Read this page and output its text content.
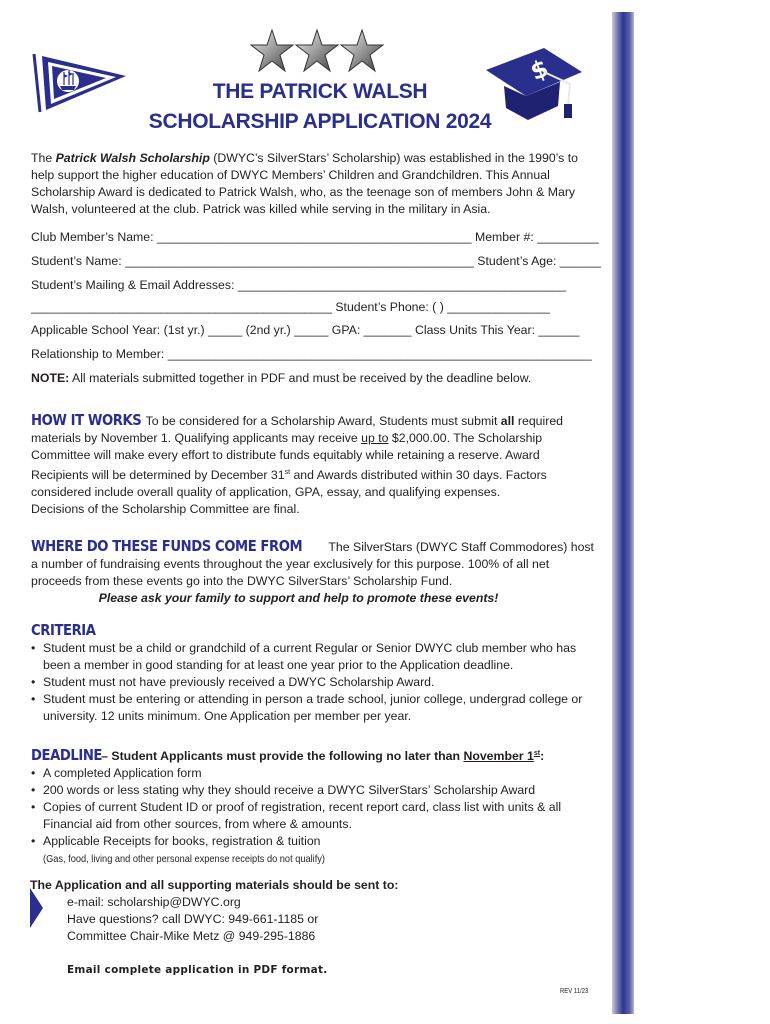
$
THE PATRICK WALSH
SCHOLARSHIP APPLICATION 2024

The Patrick Walsh Scholarship (DWYC’s SilverStars’ Scholarship) was established in the 1990’s to help support the higher education of DWYC Members’ Children and Grandchildren. This Annual Scholarship Award is dedicated to Patrick Walsh, who, as the teenage son of members John & Mary Walsh, volunteered at the club. Patrick was killed while serving in the military in Asia.

Club Member’s Name: ______________________________________________ Member #: _________
Student’s Name: ___________________________________________________ Student’s Age: ______
Student’s Mailing & Email Addresses: ________________________________________________
____________________________________________ Student’s Phone: ( ) _______________
Applicable School Year: (1st yr.) _____ (2nd yr.) _____ GPA: _______ Class Units This Year: ______
Relationship to Member: ______________________________________________________________

NOTE: All materials submitted together in PDF and must be received by the deadline below.

HOW IT WORKS To be considered for a Scholarship Award, Students must submit all required materials by November 1. Qualifying applicants may receive up to $2,000.00. The Scholarship Committee will make every effort to distribute funds equitably while retaining a reserve. Award Recipients will be determined by December 31st and Awards distributed within 30 days. Factors considered include overall quality of application, GPA, essay, and qualifying expenses.
Decisions of the Scholarship Committee are final.
WHERE DO THESE FUNDS COME FROM The SilverStars (DWYC Staff Commodores) host a number of fundraising events throughout the year exclusively for this purpose. 100% of all net proceeds from these events go into the DWYC SilverStars’ Scholarship Fund.
Please ask your family to support and help to promote these events!
CRITERIA
• Student must be a child or grandchild of a current Regular or Senior DWYC club member who has been a member in good standing for at least one year prior to the Application deadline.
• Student must not have previously received a DWYC Scholarship Award.
• Student must be entering or attending in person a trade school, junior college, undergrad college or university. 12 units minimum. One Application per member per year.
DEADLINE – Student Applicants must provide the following no later than November 1st:
• A completed Application form
• 200 words or less stating why they should receive a DWYC SilverStars’ Scholarship Award
• Copies of current Student ID or proof of registration, recent report card, class list with units & all Financial aid from other sources, from where & amounts.
• Applicable Receipts for books, registration & tuition
(Gas, food, living and other personal expense receipts do not qualify)
The Application and all supporting materials should be sent to:
e-mail: scholarship@DWYC.org
Have questions? call DWYC: 949-661-1185 or
Committee Chair-Mike Metz @ 949-295-1886
Email complete application in PDF format.
REV 11/23
